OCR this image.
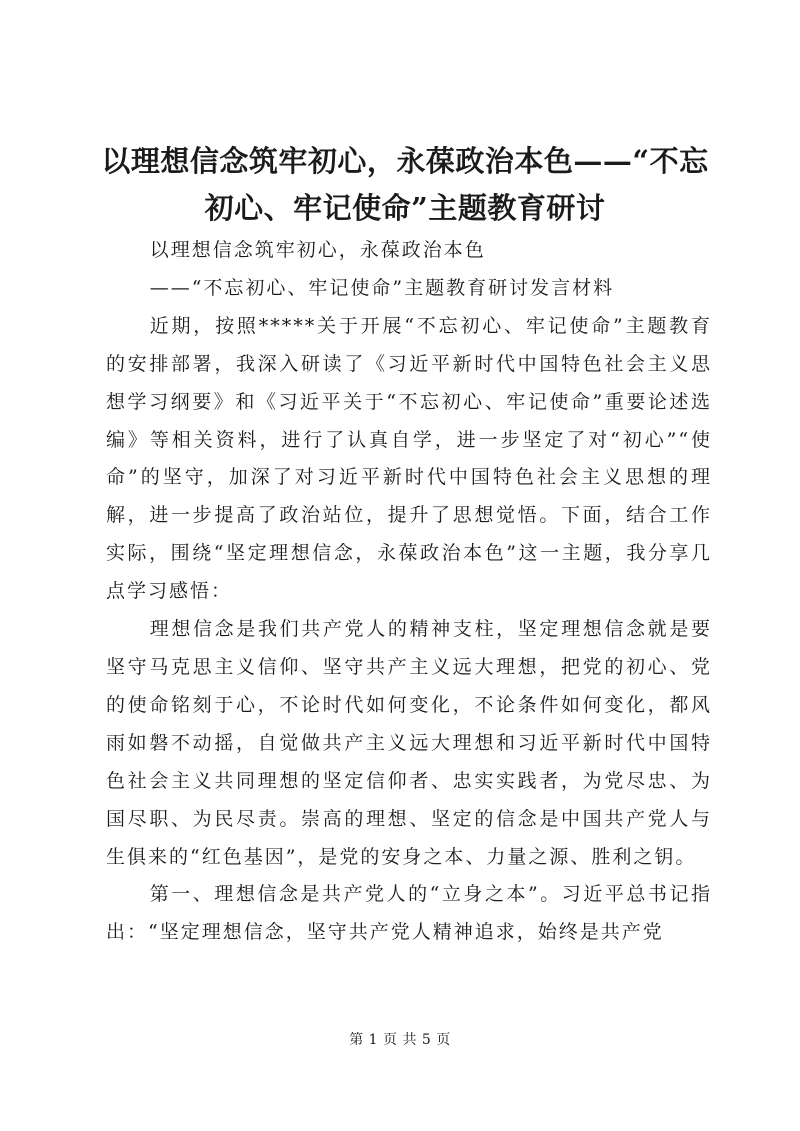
以理想信念筑牢初心，永葆政治本色——“不忘初心、牢记使命”主题教育研讨

以理想信念筑牢初心，永葆政治本色

——“不忘初心、牢记使命”主题教育研讨发言材料

近期，按照*****关于开展“不忘初心、牢记使命”主题教育的安排部署，我深入研读了《习近平新时代中国特色社会主义思想学习纲要》和《习近平关于“不忘初心、牢记使命”重要论述选编》等相关资料，进行了认真自学，进一步坚定了对“初心”“使命”的坚守，加深了对习近平新时代中国特色社会主义思想的理解，进一步提高了政治站位，提升了思想觉悟。下面，结合工作实际，围绕“坚定理想信念，永葆政治本色”这一主题，我分享几点学习感悟：

理想信念是我们共产党人的精神支柱，坚定理想信念就是要坚守马克思主义信仰、坚守共产主义远大理想，把党的初心、党的使命铭刻于心，不论时代如何变化，不论条件如何变化，都风雨如磐不动摇，自觉做共产主义远大理想和习近平新时代中国特色社会主义共同理想的坚定信仰者、忠实实践者，为党尽忠、为国尽职、为民尽责。崇高的理想、坚定的信念是中国共产党人与生俱来的“红色基因”，是党的安身之本、力量之源、胜利之钥。

第一、理想信念是共产党人的“立身之本”。习近平总书记指出：“坚定理想信念，坚守共产党人精神追求，始终是共产党

第 1 页 共 5 页
